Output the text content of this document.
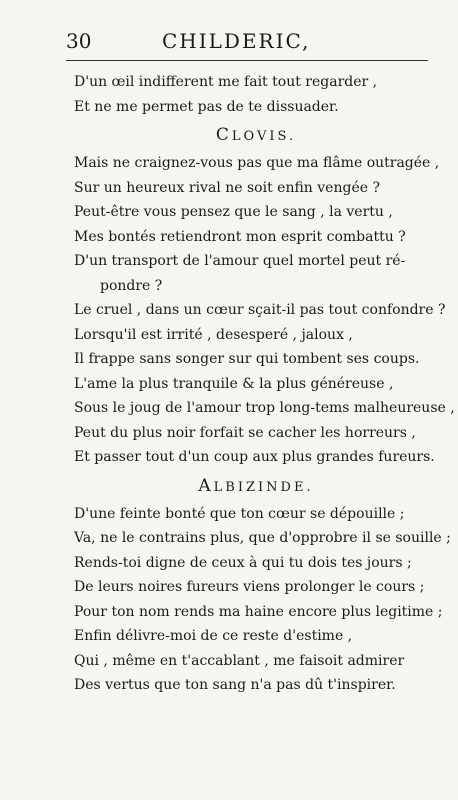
30	CHILDERIC,
D'un œil indifferent me fait tout regarder ,
Et ne me permet pas de te dissuader.
CLOVIS.
Mais ne craignez-vous pas que ma flâme outragée ,
Sur un heureux rival ne soit enfin vengée ?
Peut-être vous pensez que le sang , la vertu ,
Mes bontés retiendront mon esprit combattu ?
D'un transport de l'amour quel mortel peut ré-
pondre ?
Le cruel , dans un cœur sçait-il pas tout confondre ?
Lorsqu'il est irrité , desesperé , jaloux ,
Il frappe sans songer sur qui tombent ses coups.
L'ame la plus tranquile & la plus généreuse ,
Sous le joug de l'amour trop long-tems malheureuse ,
Peut du plus noir forfait se cacher les horreurs ,
Et passer tout d'un coup aux plus grandes fureurs.
ALBIZINDE.
D'une feinte bonté que ton cœur se dépouille ;
Va, ne le contrains plus, que d'opprobre il se souille ;
Rends-toi digne de ceux à qui tu dois tes jours ;
De leurs noires fureurs viens prolonger le cours ;
Pour ton nom rends ma haine encore plus legitime ;
Enfin délivre-moi de ce reste d'estime ,
Qui , même en t'accablant , me faisoit admirer
Des vertus que ton sang n'a pas dû t'inspirer.
